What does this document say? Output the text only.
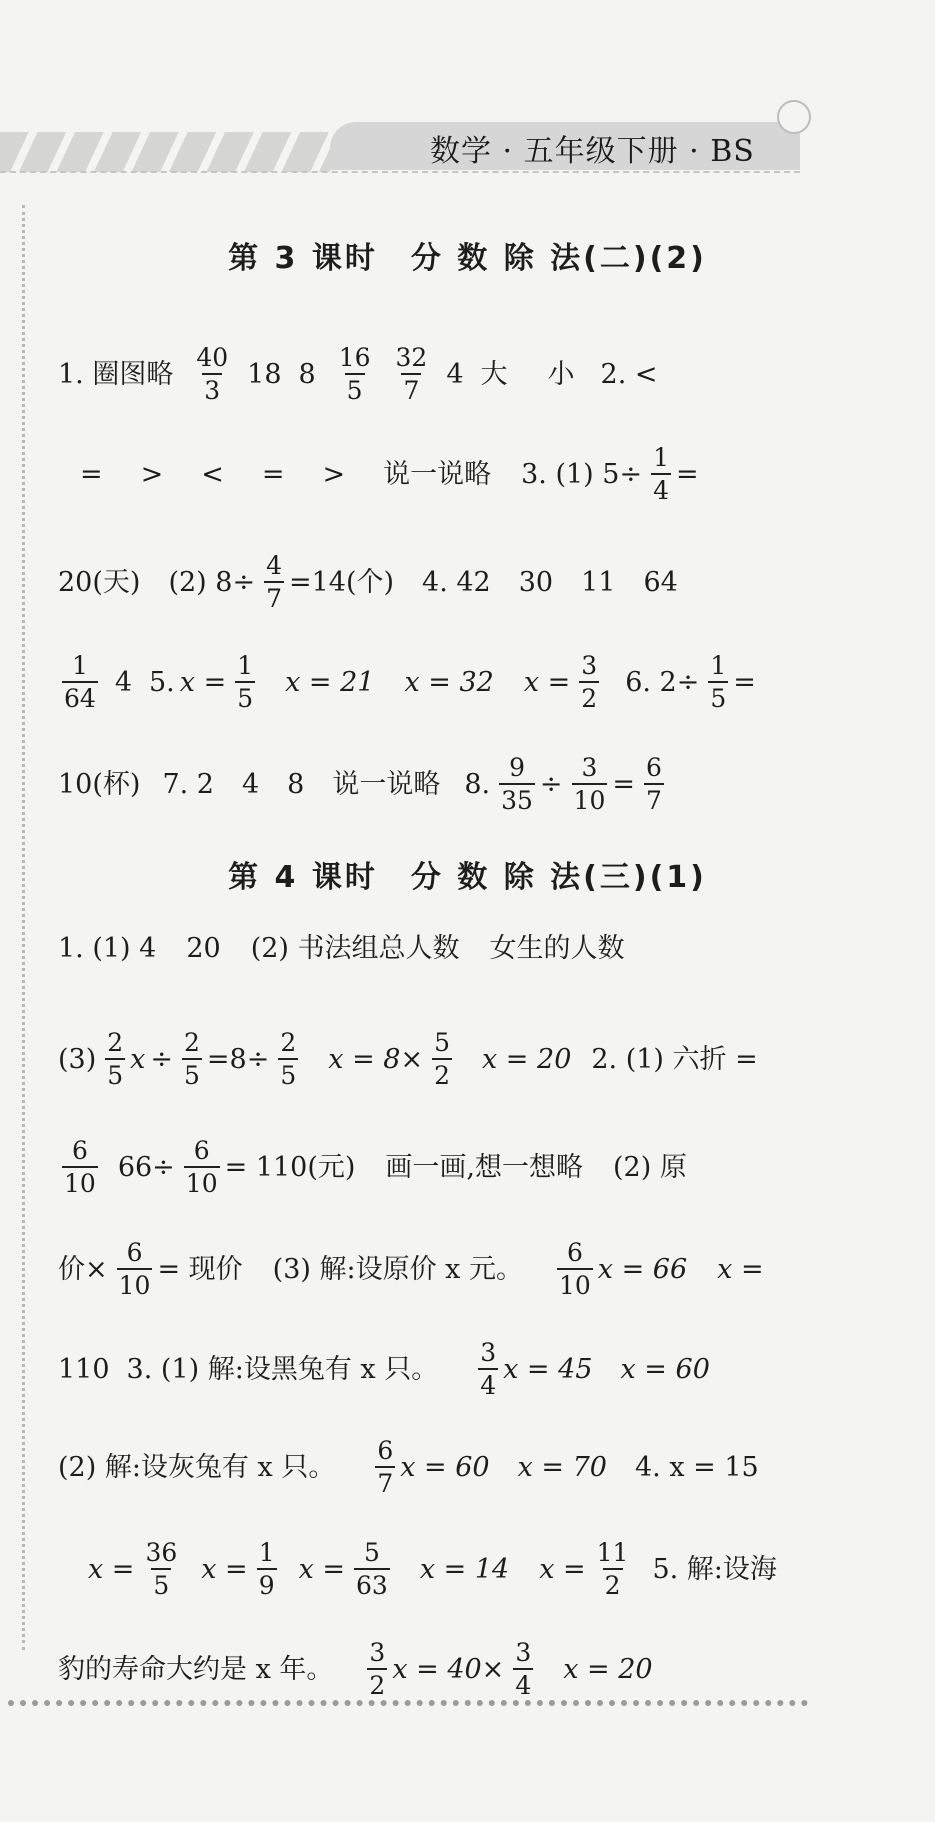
数学 · 五年级下册 · BS
第 3 课时　分 数 除 法(二)(2)
1. 圈图略 $\frac{40}{3} 18$ $8 \frac{16}{5} \frac{32}{7} 4$ 大 小 2. <
= > < = > 说一说略 3. (1) $5\div \frac{1}{4}$ =
20(天) (2) $8\div \frac{4}{7} =14$(个) 4. 42 30 11 64
$\frac{1}{64} 4$ 5. $x = \frac{1}{5}$ x = 21 x = 32 $x = \frac{3}{2} 6$. $2\div \frac{1}{5}$ =
10(杯) 7. 2 4 8 说一说略 8. $\frac{9}{35} \div \frac{3}{10} = \frac{6}{7}$
第 4 课时　分 数 除 法(三)(1)
1. (1) 4 20 (2) 书法组总人数 女生的人数
$(3) \frac{2}{5}$ $x \div \frac{2}{5} =8\div \frac{2}{5}$ $x = 8\times \frac{5}{2}$ x = 20 2. (1) 六折 =
$\frac{6}{10} 66\div \frac{6}{10} = 110$(元) 画一画,想一想略 (2) 原
价× $\frac{6}{10}$ = 现价 (3) 解:设原价 x 元。 $\frac{6}{10}$ x = 66 x =
110 3. (1) 解:设黑兔有 x 只。 $\frac{3}{4}$ x = 45 x = 60
(2) 解:设灰兔有 x 只。 $\frac{6}{7}$ x = 60 x = 70 4. x = 15
$x = \frac{36}{5}$ $x = \frac{1}{9}$ $x = \frac{5}{63}$ x = 14 $x = \frac{11}{2} 5$. 解:设海
豹的寿命大约是 x 年。 $\frac{3}{2}$ $x = 40\times \frac{3}{4}$ x = 20
